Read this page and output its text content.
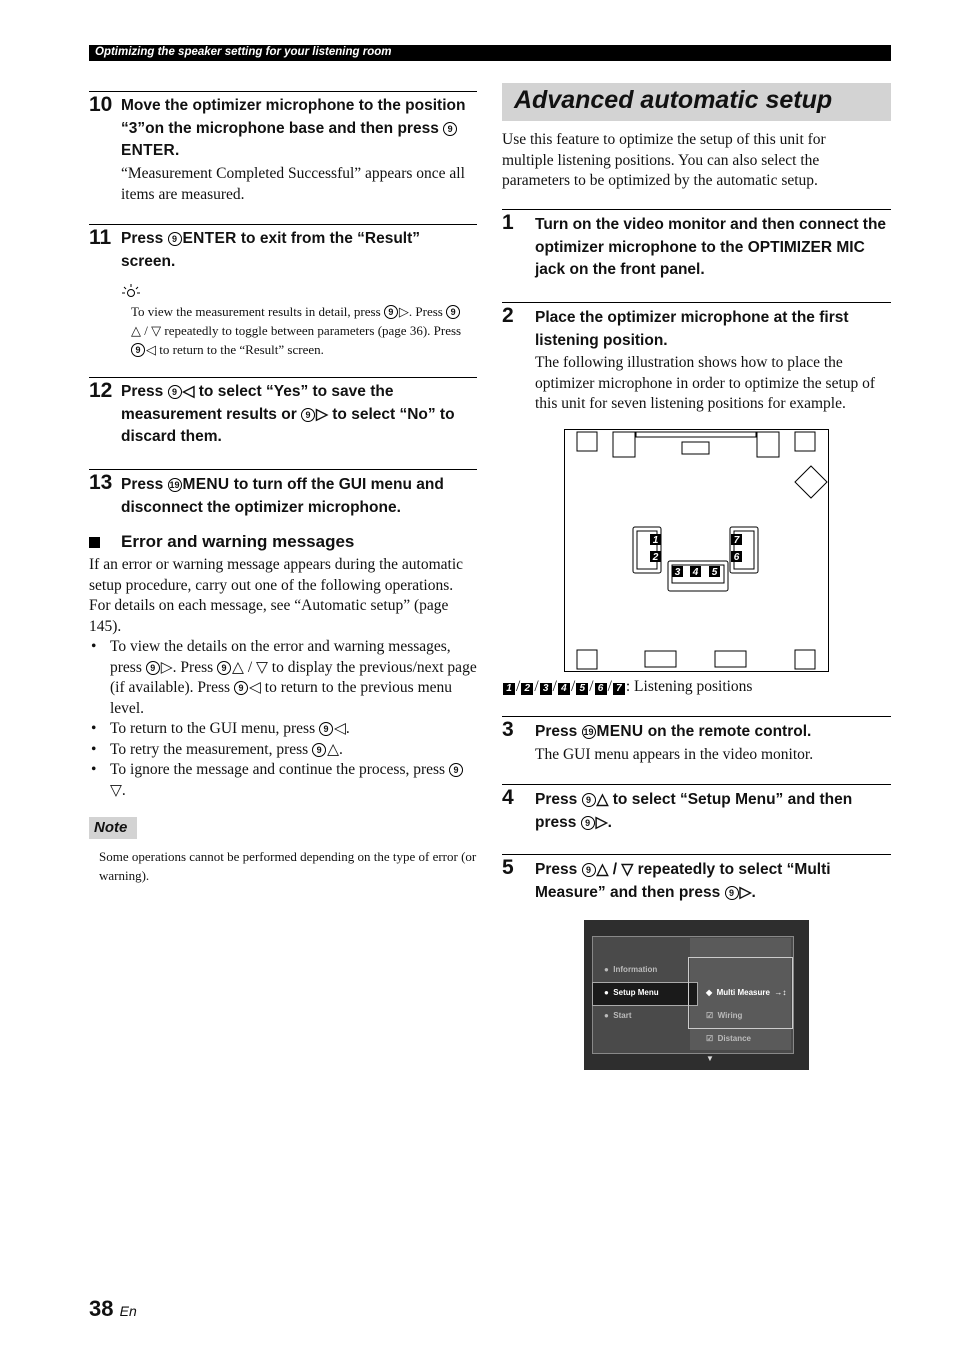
Optimizing the speaker setting for your listening room
10 Move the optimizer microphone to the position “3”on the microphone base and then press 9ENTER.
“Measurement Completed Successful” appears once all items are measured.
11 Press 9 ENTER to exit from the “Result” screen.
To view the measurement results in detail, press 9 ▷. Press 9△ / ▽ repeatedly to toggle between parameters (page 36). Press 9 ◁ to return to the “Result” screen.
12 Press 9 ◁ to select “Yes” to save the measurement results or 9 ▷ to select “No” to discard them.
13 Press 19 MENU to turn off the GUI menu and disconnect the optimizer microphone.
Error and warning messages
If an error or warning message appears during the automatic setup procedure, carry out one of the following operations. For details on each message, see “Automatic setup” (page 145).
• To view the details on the error and warning messages, press 9 ▷. Press 9 △ / ▽ to display the previous/next page (if available). Press 9 ◁ to return to the previous menu level.
• To return to the GUI menu, press 9 ◁.
• To retry the measurement, press 9 △.
• To ignore the message and continue the process, press 9▽.
Note
Some operations cannot be performed depending on the type of error (or warning).
Advanced automatic setup
Use this feature to optimize the setup of this unit for multiple listening positions. You can also select the parameters to be optimized by the automatic setup.
1 Turn on the video monitor and then connect the optimizer microphone to the OPTIMIZER MIC jack on the front panel.
2 Place the optimizer microphone at the first listening position.
The following illustration shows how to place the optimizer microphone in order to optimize the setup of this unit for seven listening positions for example.
1
2
3 4 5
6
7
1 / 2 / 3 / 4 / 5 / 6 / 7 : Listening positions
3 Press 19 MENU on the remote control.
The GUI menu appears in the video monitor.
4 Press 9 △ to select “Setup Menu” and then press 9 ▷.
5 Press 9 △ / ▽ repeatedly to select “Multi Measure” and then press 9 ▷.
●  Information
●  Setup Menu
●  Start
◆  Multi Measure  →↕
☑  Wiring
☑  Distance
▼
38 En
